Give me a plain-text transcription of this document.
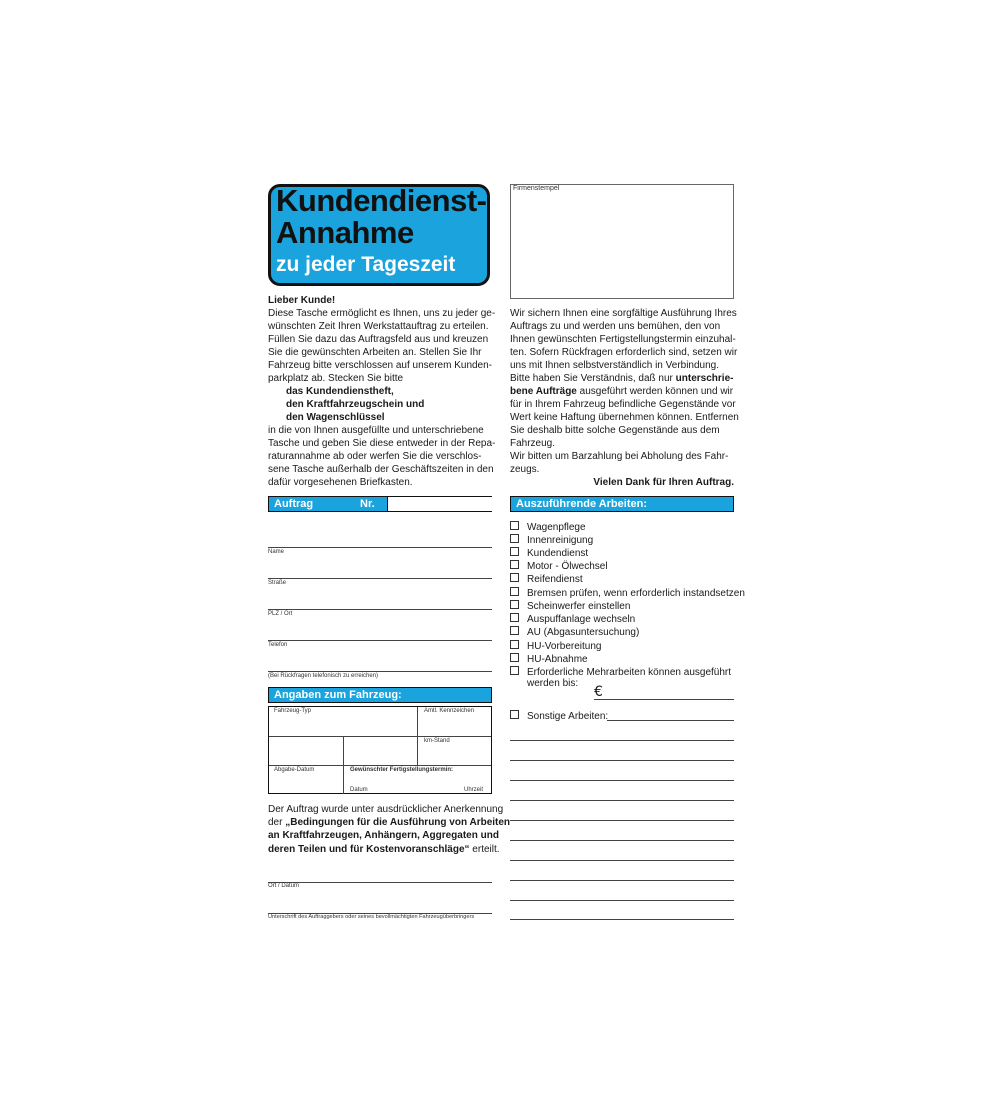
Kundendienst-
Annahme
zu jeder Tageszeit
Firmenstempel
Lieber Kunde!
Diese Tasche ermöglicht es Ihnen, uns zu jeder ge-
wünschten Zeit Ihren Werkstattauftrag zu erteilen.
Füllen Sie dazu das Auftragsfeld aus und kreuzen
Sie die gewünschten Arbeiten an. Stellen Sie Ihr
Fahrzeug bitte verschlossen auf unserem Kunden-
parkplatz ab. Stecken Sie bitte
das Kundendienstheft,
den Kraftfahrzeugschein und
den Wagenschlüssel
in die von Ihnen ausgefüllte und unterschriebene
Tasche und geben Sie diese entweder in der Repa-
raturannahme ab oder werfen Sie die verschlos-
sene Tasche außerhalb der Geschäftszeiten in den
dafür vorgesehenen Briefkasten.
Wir sichern Ihnen eine sorgfältige Ausführung Ihres
Auftrags zu und werden uns bemühen, den von
Ihnen gewünschten Fertigstellungstermin einzuhal-
ten. Sofern Rückfragen erforderlich sind, setzen wir
uns mit Ihnen selbstverständlich in Verbindung.
Bitte haben Sie Verständnis, daß nur unterschrie-
bene Aufträge ausgeführt werden können und wir
für in Ihrem Fahrzeug befindliche Gegenstände vor
Wert keine Haftung übernehmen können. Entfernen
Sie deshalb bitte solche Gegenstände aus dem
Fahrzeug.
Wir bitten um Barzahlung bei Abholung des Fahr-
zeugs.
Vielen Dank für Ihren Auftrag.
Auftrag	Nr.
Name
Straße
PLZ / Ort
Telefon
(Bei Rückfragen telefonisch zu erreichen)
Angaben zum Fahrzeug:
Fahrzeug-Typ	Amtl. Kennzeichen
km-Stand
Abgabe-Datum	Gewünschter Fertigstellungstermin:
Datum	Uhrzeit
Der Auftrag wurde unter ausdrücklicher Anerkennung
der „Bedingungen für die Ausführung von Arbeiten
an Kraftfahrzeugen, Anhängern, Aggregaten und
deren Teilen und für Kostenvoranschläge“ erteilt.
Ort / Datum
Unterschrift des Auftraggebers oder seines bevollmächtigten Fahrzeugüberbringers
Auszuführende Arbeiten:
Wagenpflege
Innenreinigung
Kundendienst
Motor - Ölwechsel
Reifendienst
Bremsen prüfen, wenn erforderlich instandsetzen
Scheinwerfer einstellen
Auspuffanlage wechseln
AU (Abgasuntersuchung)
HU-Vorbereitung
HU-Abnahme
Erforderliche Mehrarbeiten können ausgeführt
werden bis:
€
Sonstige Arbeiten:
